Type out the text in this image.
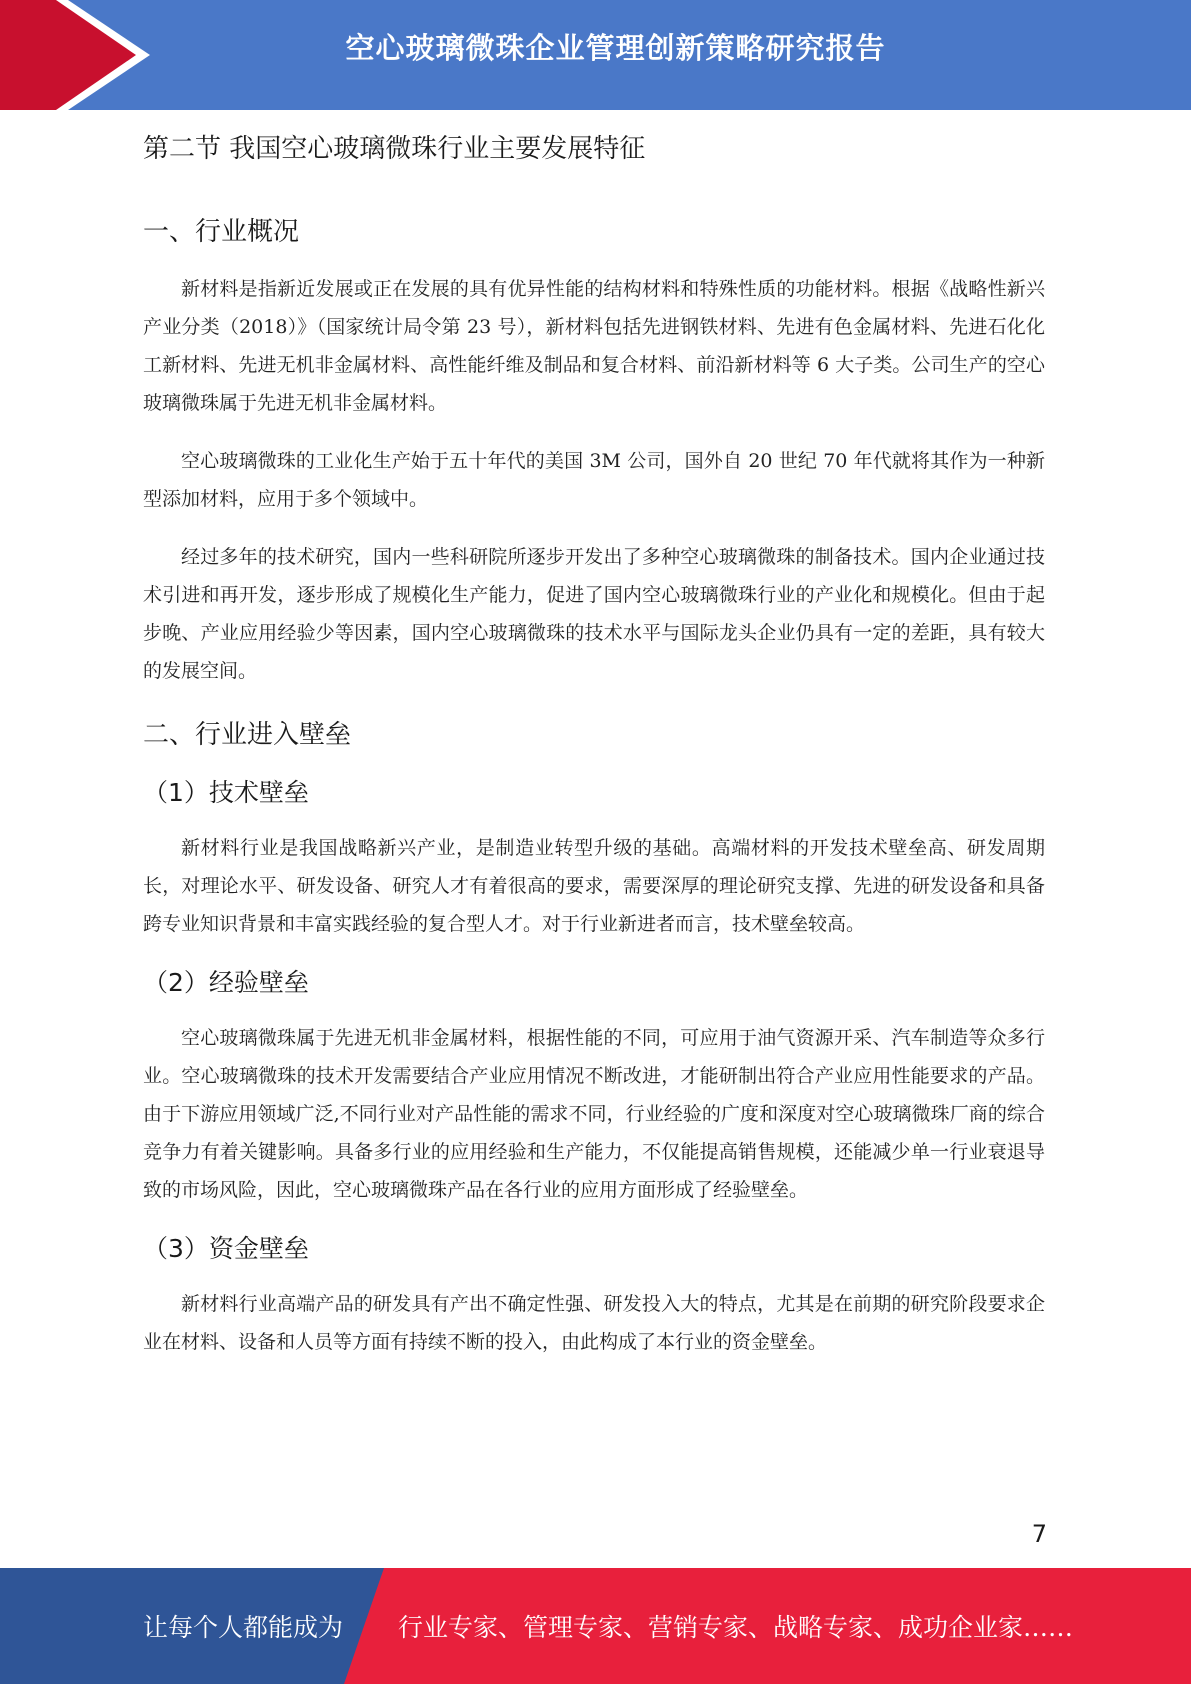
空心玻璃微珠企业管理创新策略研究报告
第二节 我国空心玻璃微珠行业主要发展特征
一、行业概况

新材料是指新近发展或正在发展的具有优异性能的结构材料和特殊性质的功能材料。根据《战略性新兴产业分类（2018）》（国家统计局令第 23 号），新材料包括先进钢铁材料、先进有色金属材料、先进石化化工新材料、先进无机非金属材料、高性能纤维及制品和复合材料、前沿新材料等 6 大子类。公司生产的空心玻璃微珠属于先进无机非金属材料。

空心玻璃微珠的工业化生产始于五十年代的美国 3M 公司，国外自 20 世纪 70 年代就将其作为一种新型添加材料，应用于多个领域中。

经过多年的技术研究，国内一些科研院所逐步开发出了多种空心玻璃微珠的制备技术。国内企业通过技术引进和再开发，逐步形成了规模化生产能力，促进了国内空心玻璃微珠行业的产业化和规模化。但由于起步晚、产业应用经验少等因素，国内空心玻璃微珠的技术水平与国际龙头企业仍具有一定的差距，具有较大的发展空间。

二、行业进入壁垒
（1）技术壁垒

新材料行业是我国战略新兴产业，是制造业转型升级的基础。高端材料的开发技术壁垒高、研发周期长，对理论水平、研发设备、研究人才有着很高的要求，需要深厚的理论研究支撑、先进的研发设备和具备跨专业知识背景和丰富实践经验的复合型人才。对于行业新进者而言，技术壁垒较高。

（2）经验壁垒

空心玻璃微珠属于先进无机非金属材料，根据性能的不同，可应用于油气资源开采、汽车制造等众多行业。空心玻璃微珠的技术开发需要结合产业应用情况不断改进，才能研制出符合产业应用性能要求的产品。由于下游应用领域广泛,不同行业对产品性能的需求不同，行业经验的广度和深度对空心玻璃微珠厂商的综合竞争力有着关键影响。具备多行业的应用经验和生产能力，不仅能提高销售规模，还能减少单一行业衰退导致的市场风险，因此，空心玻璃微珠产品在各行业的应用方面形成了经验壁垒。

（3）资金壁垒

新材料行业高端产品的研发具有产出不确定性强、研发投入大的特点，尤其是在前期的研究阶段要求企业在材料、设备和人员等方面有持续不断的投入，由此构成了本行业的资金壁垒。

7
让每个人都能成为 行业专家、管理专家、营销专家、战略专家、成功企业家……
